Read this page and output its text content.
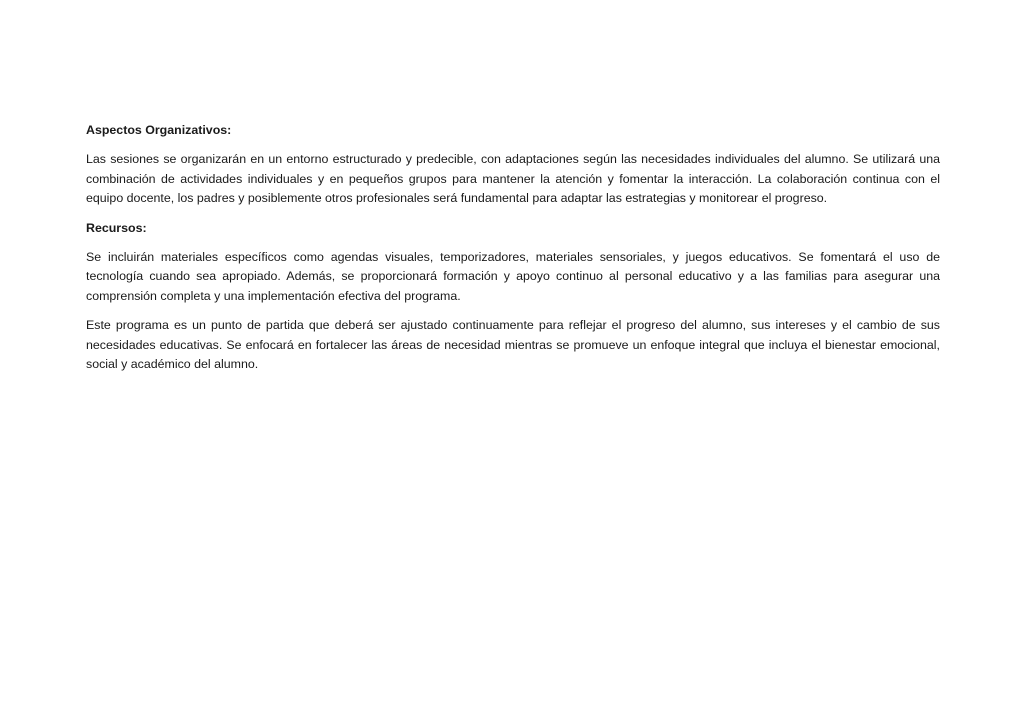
Aspectos Organizativos:

Las sesiones se organizarán en un entorno estructurado y predecible, con adaptaciones según las necesidades individuales del alumno. Se utilizará una combinación de actividades individuales y en pequeños grupos para mantener la atención y fomentar la interacción. La colaboración continua con el equipo docente, los padres y posiblemente otros profesionales será fundamental para adaptar las estrategias y monitorear el progreso.

Recursos:

Se incluirán materiales específicos como agendas visuales, temporizadores, materiales sensoriales, y juegos educativos. Se fomentará el uso de tecnología cuando sea apropiado. Además, se proporcionará formación y apoyo continuo al personal educativo y a las familias para asegurar una comprensión completa y una implementación efectiva del programa.

Este programa es un punto de partida que deberá ser ajustado continuamente para reflejar el progreso del alumno, sus intereses y el cambio de sus necesidades educativas. Se enfocará en fortalecer las áreas de necesidad mientras se promueve un enfoque integral que incluya el bienestar emocional, social y académico del alumno.
